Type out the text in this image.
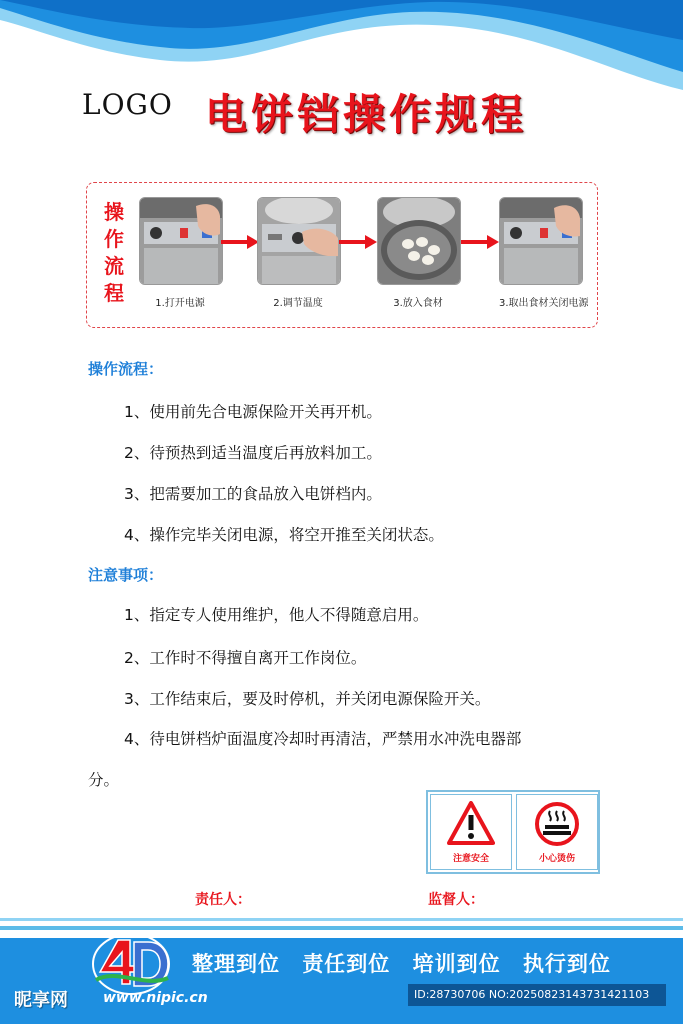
LOGO 电饼铛操作规程
操
作
流
程	1.打开电源	2.调节温度	3.放入食材	3.取出食材关闭电源
操作流程：
1、使用前先合电源保险开关再开机。
2、待预热到适当温度后再放料加工。
3、把需要加工的食品放入电饼档内。
4、操作完毕关闭电源，将空开推至关闭状态。
注意事项：
1、指定专人使用维护，他人不得随意启用。
2、工作时不得擅自离开工作岗位。
3、工作结束后，要及时停机，并关闭电源保险开关。
4、待电饼档炉面温度冷却时再清洁，严禁用水冲洗电器部
分。
注意安全	小心烫伤
责任人：	监督人：
整理到位 责任到位 培训到位 执行到位
昵享网	www.nipic.cn	ID:28730706 NO:20250823143731421103
